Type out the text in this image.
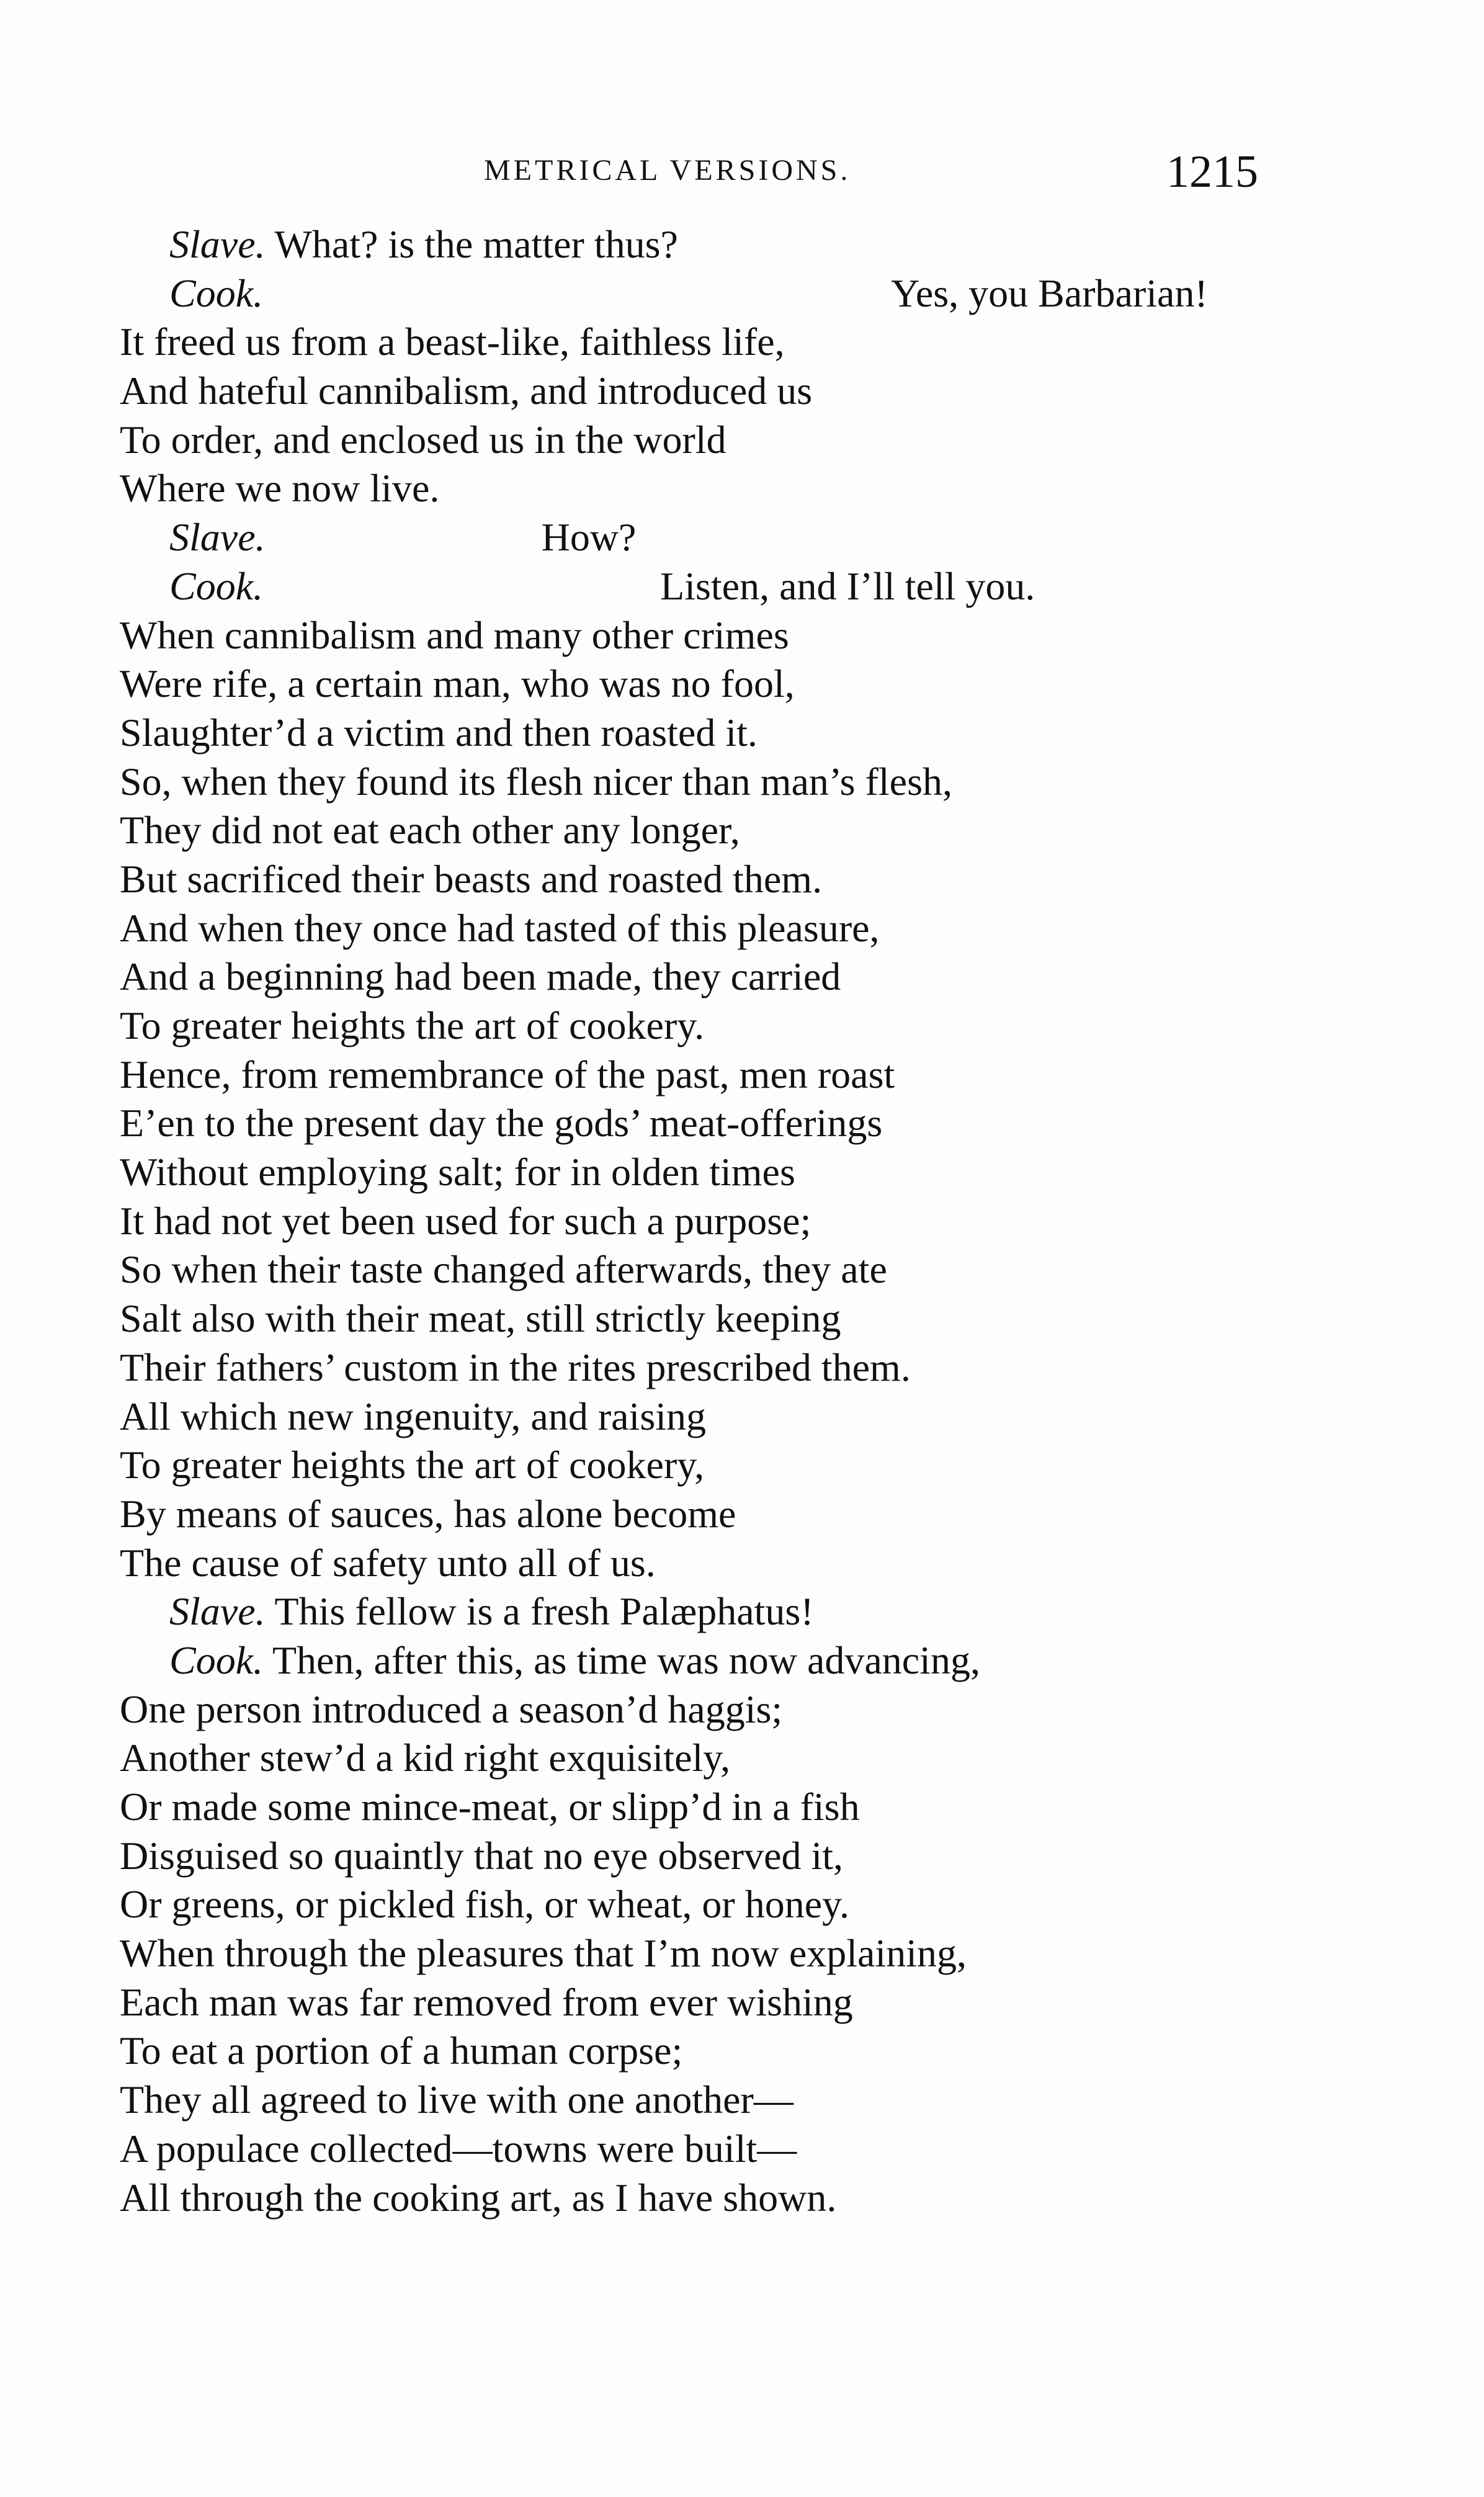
METRICAL VERSIONS.	1215
Slave. What? is the matter thus?
Cook.	Yes, you Barbarian!
It freed us from a beast-like, faithless life,
And hateful cannibalism, and introduced us
To order, and enclosed us in the world
Where we now live.
Slave.	How?
Cook.	Listen, and I’ll tell you.
When cannibalism and many other crimes
Were rife, a certain man, who was no fool,
Slaughter’d a victim and then roasted it.
So, when they found its flesh nicer than man’s flesh,
They did not eat each other any longer,
But sacrificed their beasts and roasted them.
And when they once had tasted of this pleasure,
And a beginning had been made, they carried
To greater heights the art of cookery.
Hence, from remembrance of the past, men roast
E’en to the present day the gods’ meat-offerings
Without employing salt; for in olden times
It had not yet been used for such a purpose;
So when their taste changed afterwards, they ate
Salt also with their meat, still strictly keeping
Their fathers’ custom in the rites prescribed them.
All which new ingenuity, and raising
To greater heights the art of cookery,
By means of sauces, has alone become
The cause of safety unto all of us.
Slave. This fellow is a fresh Palæphatus!
Cook. Then, after this, as time was now advancing,
One person introduced a season’d haggis;
Another stew’d a kid right exquisitely,
Or made some mince-meat, or slipp’d in a fish
Disguised so quaintly that no eye observed it,
Or greens, or pickled fish, or wheat, or honey.
When through the pleasures that I’m now explaining,
Each man was far removed from ever wishing
To eat a portion of a human corpse;
They all agreed to live with one another—
A populace collected—towns were built—
All through the cooking art, as I have shown.
